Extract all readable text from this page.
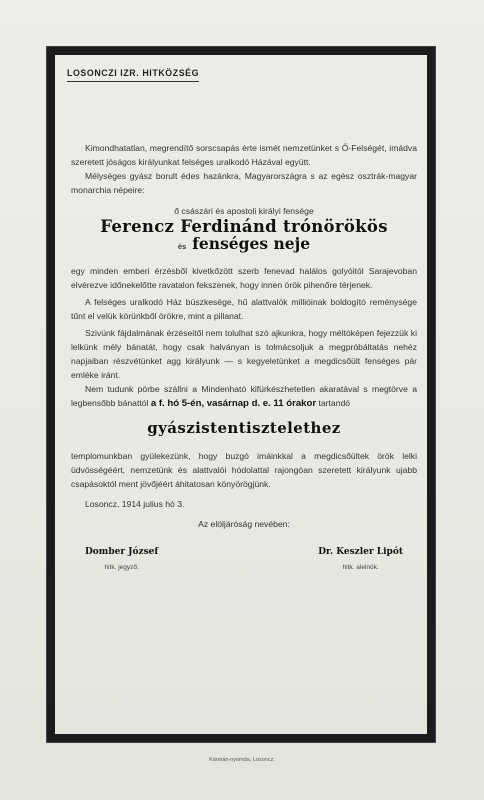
LOSONCZI IZR. HITKÖZSÉG

Kimondhatatlan, megrendítő sorscsapás érte ismét nemzetünket s Ő-Felségét, imádva szeretett jóságos királyunkat felséges uralkodó Házával együtt.

Mélységes gyász borult édes hazánkra, Magyarországra s az egész osztrák-magyar monarchia népeire:

ő császári és apostoli királyi fensége

Ferencz Ferdinánd trónörökös
és fenséges neje

egy minden emberi érzésből kivetkőzött szerb fenevad halálos golyóitól Sarajevoban elvérezve időnekelőtte ravatalon fekszenek, hogy innen örök pihenőre térjenek.

A felséges uralkodó Ház büszkesége, hű alattvalók millióinak boldogító reménysége tűnt el velük körünkből örökre, mint a pillanat.

Szivünk fájdalmának érzéseitől nem tolulhat szó ajkunkra, hogy méltóképen fejezzük ki lelkünk mély bánatát, hogy csak halványan is tolmácsoljuk a megpróbáltatás nehéz napjaiban részvétünket agg királyunk — s kegyeletünket a megdicsőült fenséges pár emléke iránt.

Nem tudunk pörbe szállni a Mindenható kifürkészhetetlen akaratával s megtörve a legbensőbb bánattól a f. hó 5-én, vasárnap d. e. 11 órakor tartandó

gyászistentisztelethez

templomunkban gyülekezünk, hogy buzgó imáinkkal a megdicsőültek örök lelki üdvösségéért, nemzetünk és alattvalói hódolattal rajongóan szeretett királyunk ujabb csapásoktól ment jövőjéért áhitatosan könyörögjünk.

Losoncz, 1914 julius hó 3.

Az elöljáróság nevében:

Domber József
hitk. jegyző.
Dr. Keszler Lipót
hitk. alelnök.
Kármán-nyomda, Losoncz.
